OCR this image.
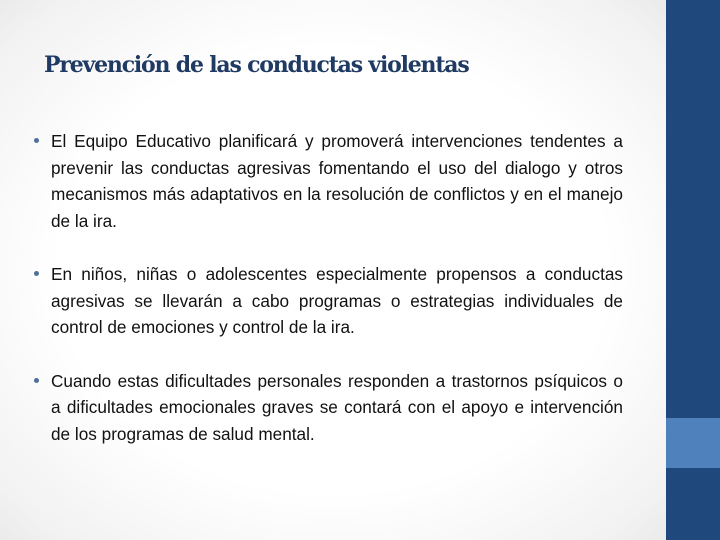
Prevención de las conductas violentas
El Equipo Educativo planificará y promoverá intervenciones tendentes a prevenir las conductas agresivas fomentando el uso del dialogo y otros mecanismos más adaptativos en la resolución de conflictos y en el manejo de la ira.
En niños, niñas o adolescentes especialmente propensos a conductas agresivas se llevarán a cabo programas o estrategias individuales de control de emociones y control de la ira.
Cuando estas dificultades personales responden a trastornos psíquicos o a dificultades emocionales graves se contará con el apoyo e intervención de los programas de salud mental.
